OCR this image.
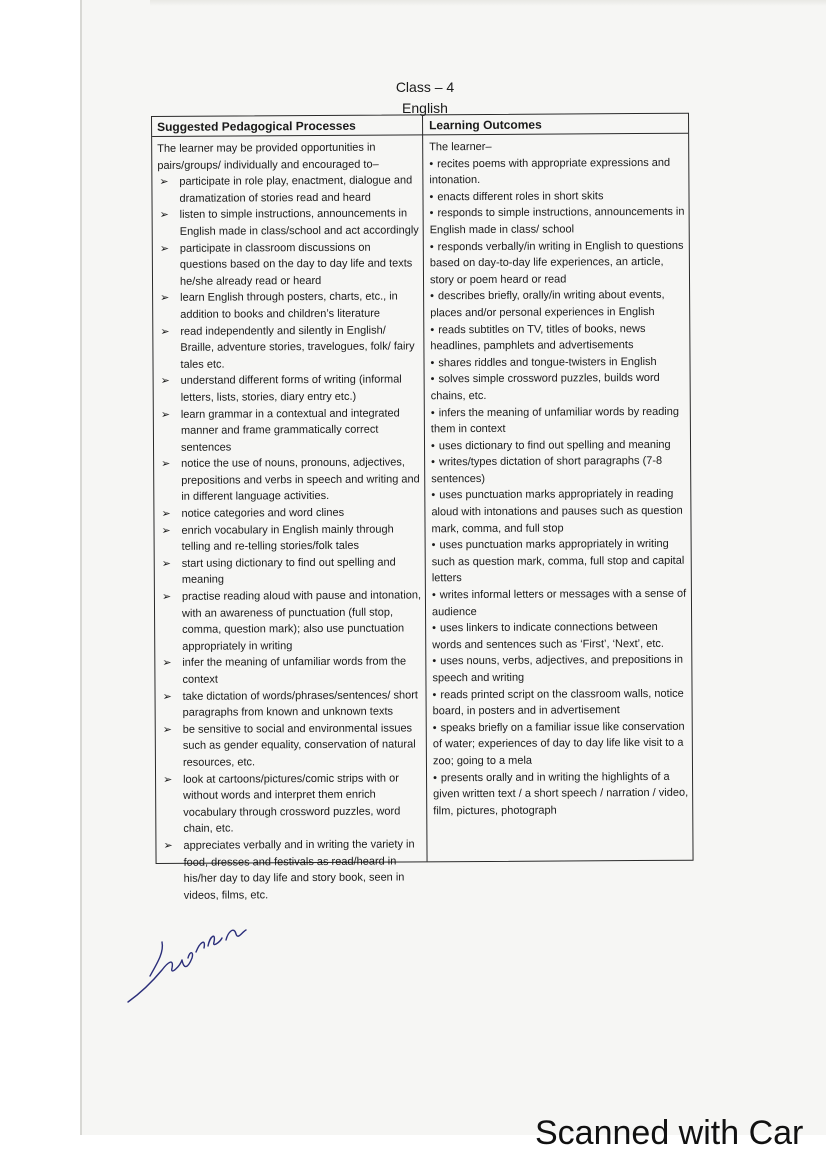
Class – 4
English
Suggested Pedagogical Processes	Learning Outcomes

The learner may be provided opportunities in pairs/groups/ individually and encouraged to–

➢ participate in role play, enactment, dialogue and dramatization of stories read and heard
➢ listen to simple instructions, announcements in English made in class/school and act accordingly
➢ participate in classroom discussions on questions based on the day to day life and texts he/she already read or heard
➢ learn English through posters, charts, etc., in addition to books and children’s literature
➢ read independently and silently in English/ Braille, adventure stories, travelogues, folk/ fairy tales etc.
➢ understand different forms of writing (informal letters, lists, stories, diary entry etc.)
➢ learn grammar in a contextual and integrated manner and frame grammatically correct sentences
➢ notice the use of nouns, pronouns, adjectives, prepositions and verbs in speech and writing and in different language activities.
➢ notice categories and word clines
➢ enrich vocabulary in English mainly through telling and re-telling stories/folk tales
➢ start using dictionary to find out spelling and meaning
➢ practise reading aloud with pause and intonation, with an awareness of punctuation (full stop, comma, question mark); also use punctuation appropriately in writing
➢ infer the meaning of unfamiliar words from the context
➢ take dictation of words/phrases/sentences/ short paragraphs from known and unknown texts
➢ be sensitive to social and environmental issues such as gender equality, conservation of natural resources, etc.
➢ look at cartoons/pictures/comic strips with or without words and interpret them enrich vocabulary through crossword puzzles, word chain, etc.
➢ appreciates verbally and in writing the variety in food, dresses and festivals as read/heard in his/her day to day life and story book, seen in videos, films, etc.

The learner–

• recites poems with appropriate expressions and intonation.
• enacts different roles in short skits
• responds to simple instructions, announcements in English made in class/ school
• responds verbally/in writing in English to questions based on day-to-day life experiences, an article, story or poem heard or read
• describes briefly, orally/in writing about events, places and/or personal experiences in English
• reads subtitles on TV, titles of books, news headlines, pamphlets and advertisements
• shares riddles and tongue-twisters in English
• solves simple crossword puzzles, builds word chains, etc.
• infers the meaning of unfamiliar words by reading them in context
• uses dictionary to find out spelling and meaning
• writes/types dictation of short paragraphs (7-8 sentences)
• uses punctuation marks appropriately in reading aloud with intonations and pauses such as question mark, comma, and full stop
• uses punctuation marks appropriately in writing such as question mark, comma, full stop and capital letters
• writes informal letters or messages with a sense of audience
• uses linkers to indicate connections between words and sentences such as ‘First’, ‘Next’, etc.
• uses nouns, verbs, adjectives, and prepositions in speech and writing
• reads printed script on the classroom walls, notice board, in posters and in advertisement
• speaks briefly on a familiar issue like conservation of water; experiences of day to day life like visit to a zoo; going to a mela
• presents orally and in writing the highlights of a given written text / a short speech / narration / video, film, pictures, photograph
Scanned with Car
